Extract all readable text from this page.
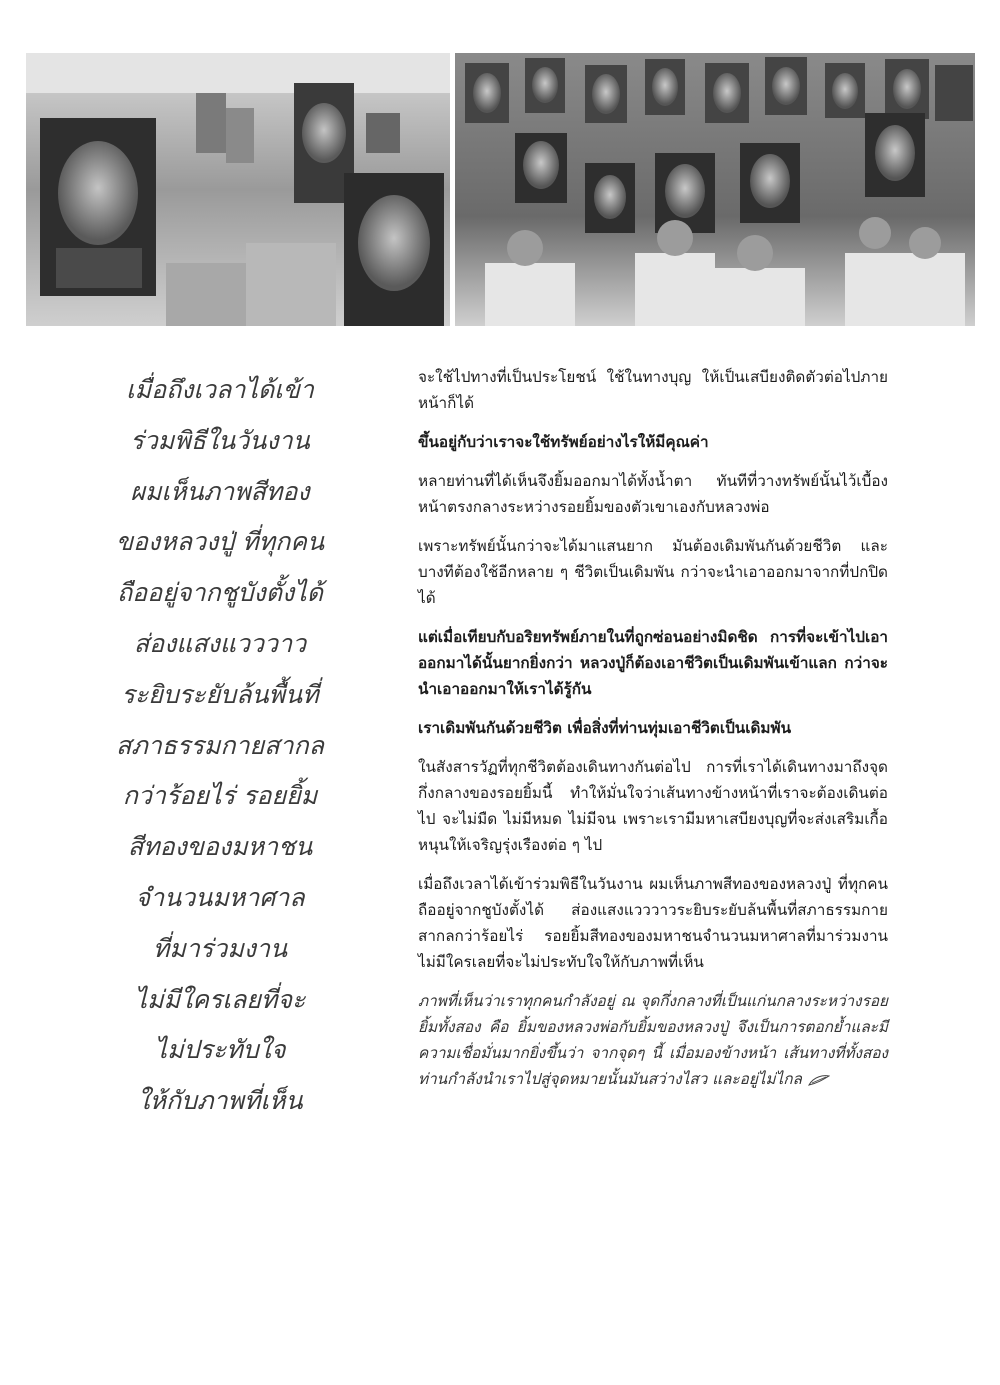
เมื่อถึงเวลาได้เข้า
ร่วมพิธีในวันงาน
ผมเห็นภาพสีทอง
ของหลวงปู่ ที่ทุกคน
ถืออยู่จากชูบังตั้งได้
ส่องแสงแวววาว
ระยิบระยับล้นพื้นที่
สภาธรรมกายสากล
กว่าร้อยไร่ รอยยิ้ม
สีทองของมหาชน
จำนวนมหาศาล
ที่มาร่วมงาน
ไม่มีใครเลยที่จะ
ไม่ประทับใจ
ให้กับภาพที่เห็น

จะใช้ไปทางที่เป็นประโยชน์ ใช้ในทางบุญ ให้เป็นเสบียงติดตัวต่อไปภายหน้าก็ได้

ขึ้นอยู่กับว่าเราจะใช้ทรัพย์อย่างไรให้มีคุณค่า

หลายท่านที่ได้เห็นจึงยิ้มออกมาได้ทั้งน้ำตา ทันทีที่วางทรัพย์นั้นไว้เบื้องหน้าตรงกลางระหว่างรอยยิ้มของตัวเขาเองกับหลวงพ่อ

เพราะทรัพย์นั้นกว่าจะได้มาแสนยาก มันต้องเดิมพันกันด้วยชีวิต และบางทีต้องใช้อีกหลาย ๆ ชีวิตเป็นเดิมพัน กว่าจะนำเอาออกมาจากที่ปกปิดได้

แต่เมื่อเทียบกับอริยทรัพย์ภายในที่ถูกซ่อนอย่างมิดชิด การที่จะเข้าไปเอาออกมาได้นั้นยากยิ่งกว่า หลวงปู่ก็ต้องเอาชีวิตเป็นเดิมพันเข้าแลก กว่าจะนำเอาออกมาให้เราได้รู้กัน

เราเดิมพันกันด้วยชีวิต เพื่อสิ่งที่ท่านทุ่มเอาชีวิตเป็นเดิมพัน

ในสังสารวัฏที่ทุกชีวิตต้องเดินทางกันต่อไป การที่เราได้เดินทางมาถึงจุดกึ่งกลางของรอยยิ้มนี้ ทำให้มั่นใจว่าเส้นทางข้างหน้าที่เราจะต้องเดินต่อไป จะไม่มืด ไม่มีหมด ไม่มีจน เพราะเรามีมหาเสบียงบุญที่จะส่งเสริมเกื้อหนุนให้เจริญรุ่งเรืองต่อ ๆ ไป

เมื่อถึงเวลาได้เข้าร่วมพิธีในวันงาน ผมเห็นภาพสีทองของหลวงปู่ ที่ทุกคนถืออยู่จากชูบังตั้งได้ ส่องแสงแวววาวระยิบระยับล้นพื้นที่สภาธรรมกายสากลกว่าร้อยไร่ รอยยิ้มสีทองของมหาชนจำนวนมหาศาลที่มาร่วมงาน ไม่มีใครเลยที่จะไม่ประทับใจให้กับภาพที่เห็น

ภาพที่เห็นว่าเราทุกคนกำลังอยู่ ณ จุดกึ่งกลางที่เป็นแก่นกลางระหว่างรอยยิ้มทั้งสอง คือ ยิ้มของหลวงพ่อกับยิ้มของหลวงปู่ จึงเป็นการตอกย้ำและมีความเชื่อมั่นมากยิ่งขึ้นว่า จากจุดๆ นี้ เมื่อมองข้างหน้า เส้นทางที่ทั้งสองท่านกำลังนำเราไปสู่จุดหมายนั้นมันสว่างไสว และอยู่ไม่ไกล
